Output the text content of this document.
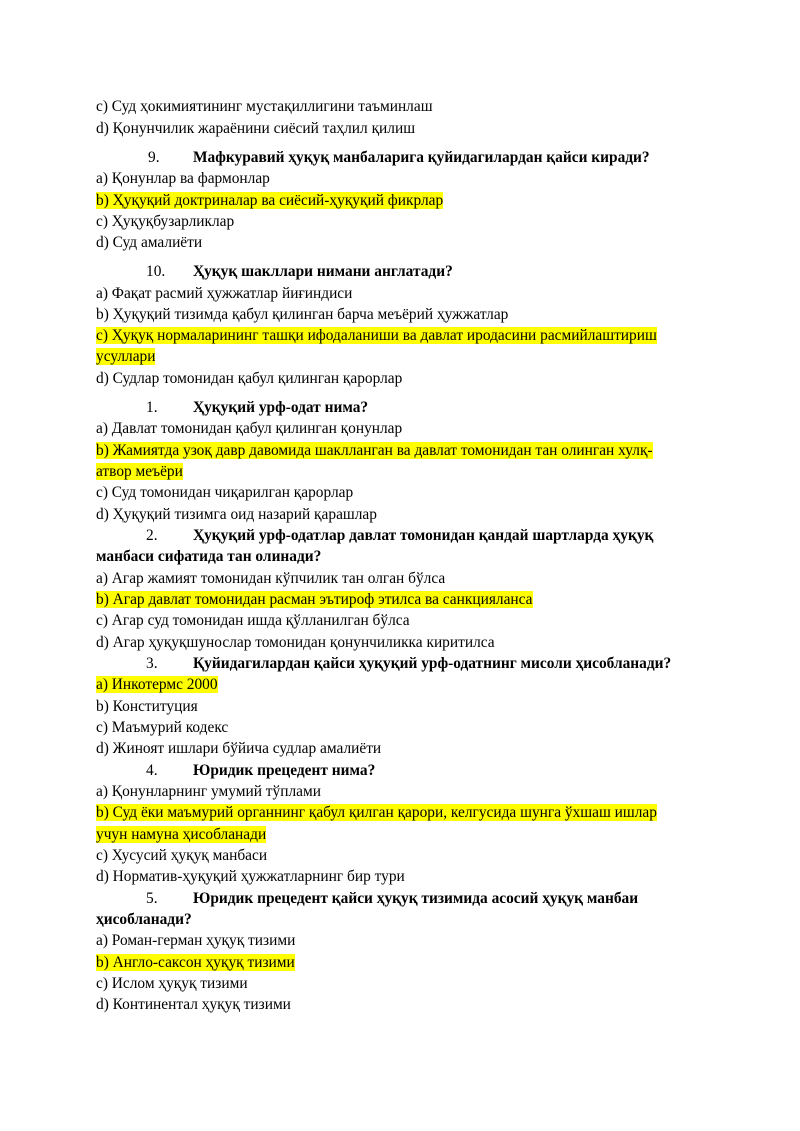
c) Суд ҳокимиятининг мустақиллигини таъминлаш
d) Қонунчилик жараёнини сиёсий таҳлил қилиш
9. Мафкуравий ҳуқуқ манбаларига қуйидагилардан қайси киради?
a) Қонунлар ва фармонлар
b) Ҳуқуқий доктриналар ва сиёсий-ҳуқуқий фикрлар
c) Ҳуқуқбузарликлар
d) Суд амалиёти
10. Ҳуқуқ шакллари нимани англатади?
a) Фақат расмий ҳужжатлар йиғиндиси
b) Ҳуқуқий тизимда қабул қилинган барча меъёрий ҳужжатлар
c) Ҳуқуқ нормаларининг ташқи ифодаланиши ва давлат иродасини расмийлаштириш
усуллари
d) Судлар томонидан қабул қилинган қарорлар
1. Ҳуқуқий урф-одат нима?
a) Давлат томонидан қабул қилинган қонунлар
b) Жамиятда узоқ давр давомида шаклланган ва давлат томонидан тан олинган хулқ-
атвор меъёри
c) Суд томонидан чиқарилган қарорлар
d) Ҳуқуқий тизимга оид назарий қарашлар
2. Ҳуқуқий урф-одатлар давлат томонидан қандай шартларда ҳуқуқ
манбаси сифатида тан олинади?
a) Агар жамият томонидан кўпчилик тан олган бўлса
b) Агар давлат томонидан расман эътироф этилса ва санкцияланса
c) Агар суд томонидан ишда қўлланилган бўлса
d) Агар ҳуқуқшунослар томонидан қонунчиликка киритилса
3. Қуйидагилардан қайси ҳуқуқий урф-одатнинг мисоли ҳисобланади?
a) Инкотермс 2000
b) Конституция
c) Маъмурий кодекс
d) Жиноят ишлари бўйича судлар амалиёти
4. Юридик прецедент нима?
a) Қонунларнинг умумий тўплами
b) Суд ёки маъмурий органнинг қабул қилган қарори, келгусида шунга ўхшаш ишлар
учун намуна ҳисобланади
c) Хусусий ҳуқуқ манбаси
d) Норматив-ҳуқуқий ҳужжатларнинг бир тури
5. Юридик прецедент қайси ҳуқуқ тизимида асосий ҳуқуқ манбаи
ҳисобланади?
a) Роман-герман ҳуқуқ тизими
b) Англо-саксон ҳуқуқ тизими
c) Ислом ҳуқуқ тизими
d) Континентал ҳуқуқ тизими
